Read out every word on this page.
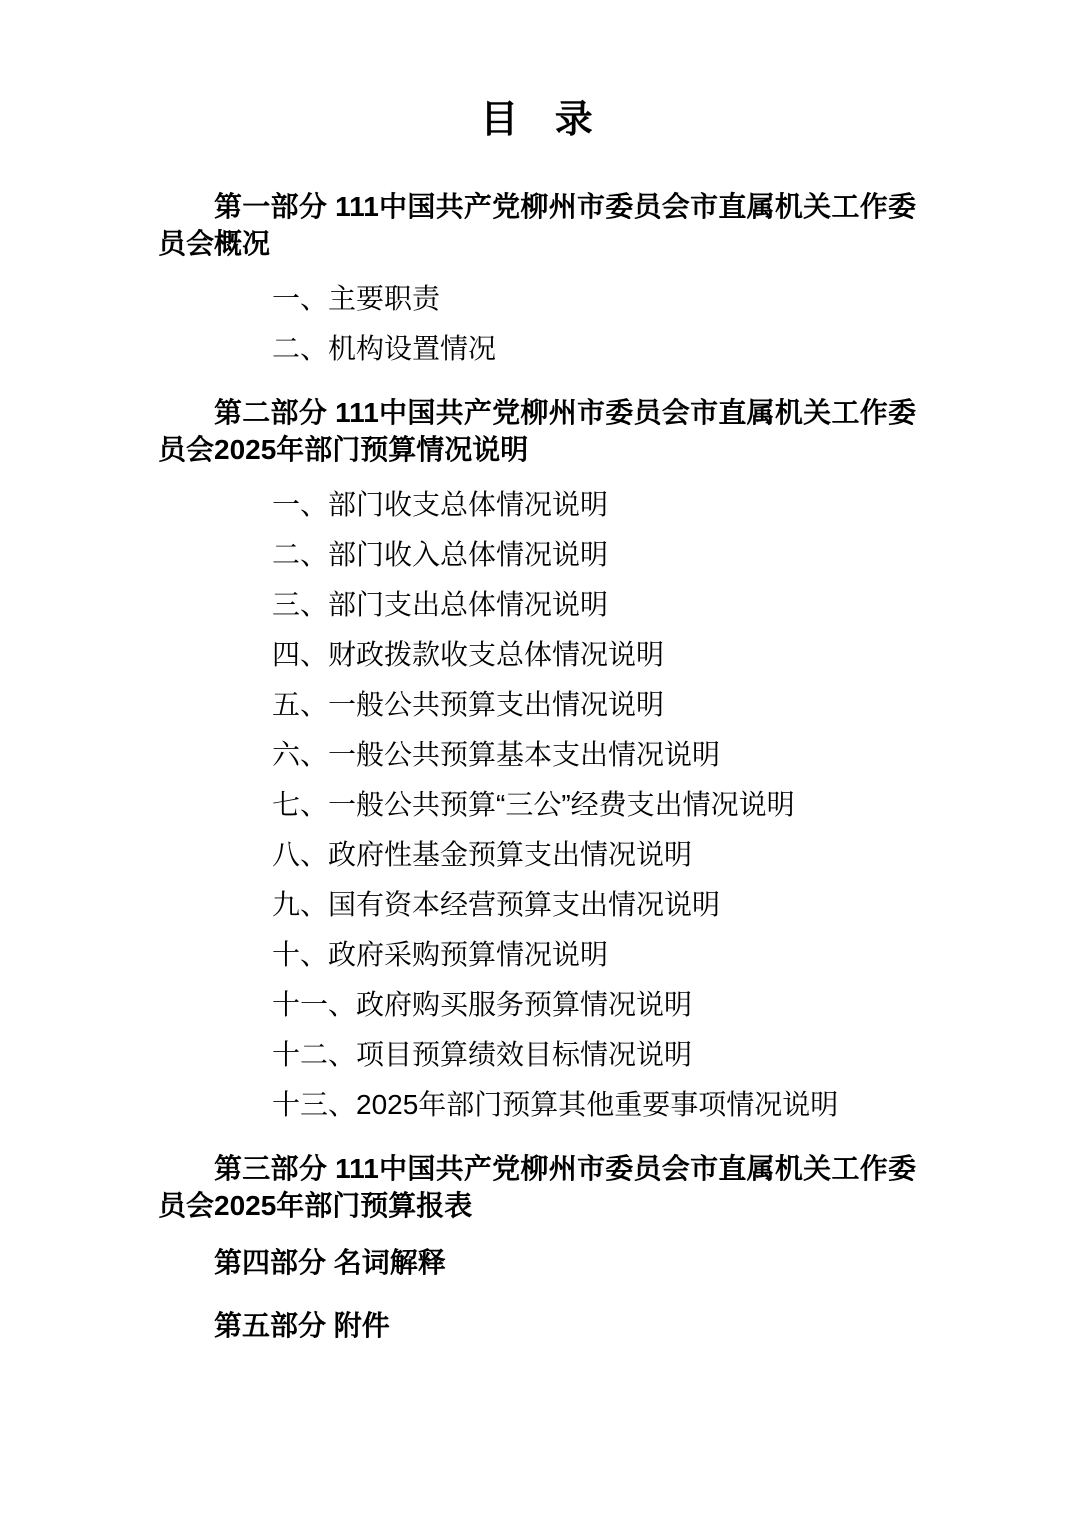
目 录

第一部分 111中国共产党柳州市委员会市直属机关工作委员会概况

一、主要职责

二、机构设置情况

第二部分 111中国共产党柳州市委员会市直属机关工作委员会2025年部门预算情况说明

一、部门收支总体情况说明

二、部门收入总体情况说明

三、部门支出总体情况说明

四、财政拨款收支总体情况说明

五、一般公共预算支出情况说明

六、一般公共预算基本支出情况说明

七、一般公共预算“三公”经费支出情况说明

八、政府性基金预算支出情况说明

九、国有资本经营预算支出情况说明

十、政府采购预算情况说明

十一、政府购买服务预算情况说明

十二、项目预算绩效目标情况说明

十三、2025年部门预算其他重要事项情况说明

第三部分 111中国共产党柳州市委员会市直属机关工作委员会2025年部门预算报表

第四部分 名词解释

第五部分 附件
